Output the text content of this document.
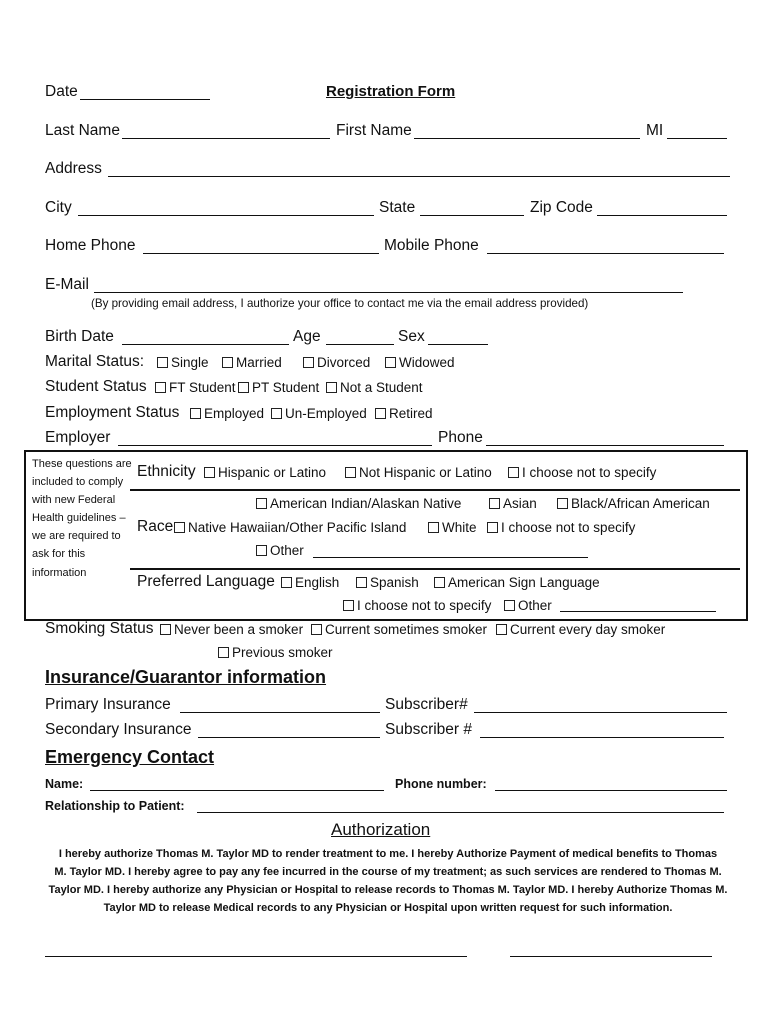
Date	Registration Form
Last Name	First Name	MI
Address
City	State	Zip Code
Home Phone	Mobile Phone
E-Mail
(By providing email address, I authorize your office to contact me via the email address provided)
Birth Date	Age	Sex
Marital Status:	Single	Married	Divorced	Widowed
Student Status	FT Student	PT Student	Not a Student
Employment Status	Employed	Un-Employed	Retired
Employer	Phone
These questions are included to comply with new Federal Health guidelines – we are required to ask for this information
Ethnicity	Hispanic or Latino	Not Hispanic or Latino	I choose not to specify
American Indian/Alaskan Native	Asian	Black/African American
Race	Native Hawaiian/Other Pacific Island	White	I choose not to specify
Other
Preferred Language	English	Spanish	American Sign Language
I choose not to specify	Other
Smoking Status	Never been a smoker	Current sometimes smoker	Current every day smoker
Previous smoker
Insurance/Guarantor information
Primary Insurance	Subscriber#
Secondary Insurance	Subscriber #
Emergency Contact
Name:	Phone number:
Relationship to Patient:
Authorization
I hereby authorize Thomas M. Taylor MD to render treatment to me. I hereby Authorize Payment of medical benefits to Thomas
M. Taylor MD. I hereby agree to pay any fee incurred in the course of my treatment; as such services are rendered to Thomas M.
Taylor MD. I hereby authorize any Physician or Hospital to release records to Thomas M. Taylor MD. I hereby Authorize Thomas M.
Taylor MD to release Medical records to any Physician or Hospital upon written request for such information.
